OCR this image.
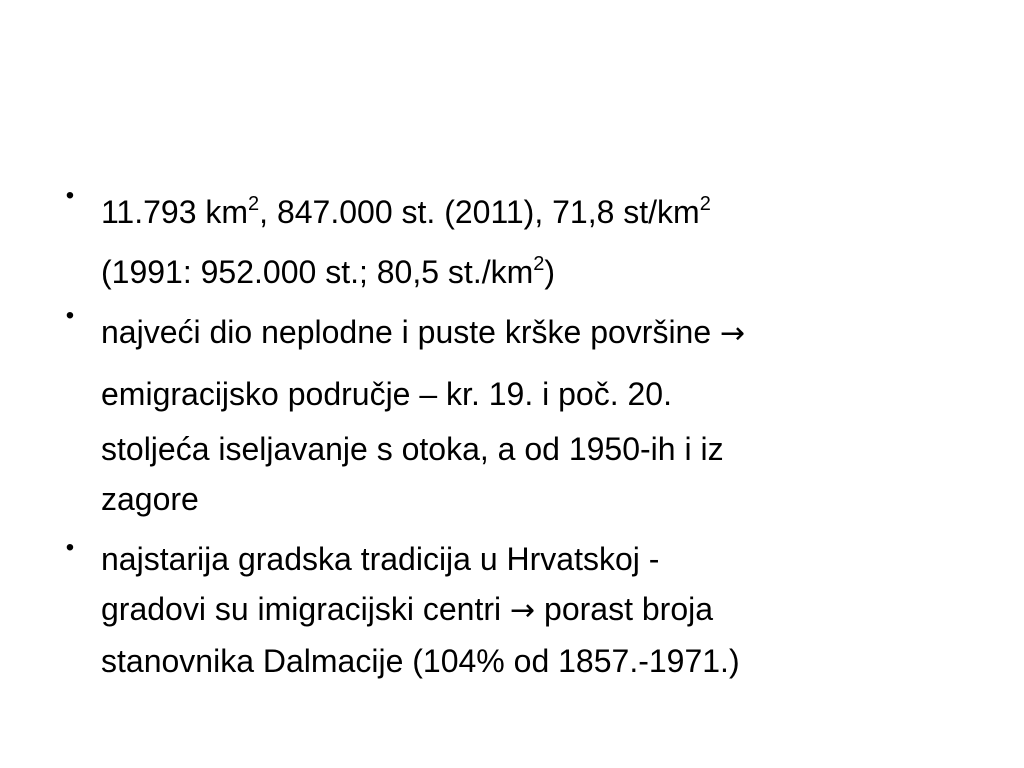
• 11.793 $km^2$, 847.000 st. (2011), 71,8 $st/km^2$
(1991: 952.000 st.; 80,5 $st./km^2$)
• najveći dio neplodne i puste krške površine →
emigracijsko područje – kr. 19. i poč. 20.
stoljeća iseljavanje s otoka, a od 1950-ih i iz
zagore
• najstarija gradska tradicija u Hrvatskoj -
gradovi su imigracijski centri → porast broja
stanovnika Dalmacije (104% od 1857.-1971.)
